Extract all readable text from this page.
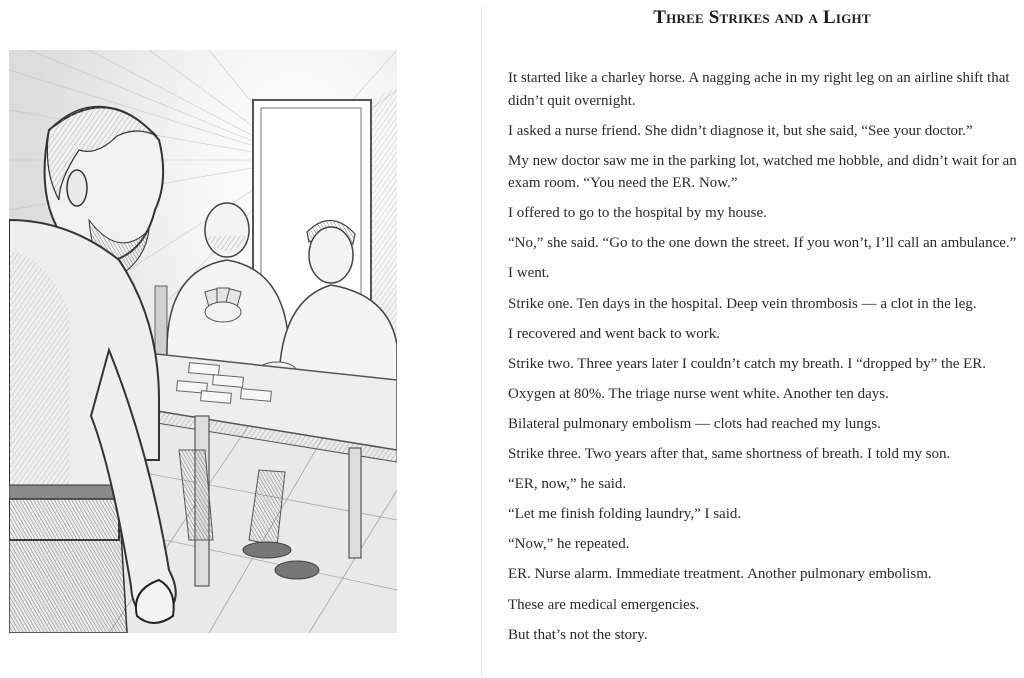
Three Strikes and a Light

It started like a charley horse. A nagging ache in my right leg on an airline shift that didn’t quit overnight.

I asked a nurse friend. She didn’t diagnose it, but she said, “See your doctor.”

My new doctor saw me in the parking lot, watched me hobble, and didn’t wait for an exam room. “You need the ER. Now.”

I offered to go to the hospital by my house.

“No,” she said. “Go to the one down the street. If you won’t, I’ll call an ambulance.”

I went.

Strike one. Ten days in the hospital. Deep vein thrombosis — a clot in the leg.

I recovered and went back to work.

Strike two. Three years later I couldn’t catch my breath. I “dropped by” the ER.

Oxygen at 80%. The triage nurse went white. Another ten days.

Bilateral pulmonary embolism — clots had reached my lungs.

Strike three. Two years after that, same shortness of breath. I told my son.

“ER, now,” he said.

“Let me finish folding laundry,” I said.

“Now,” he repeated.

ER. Nurse alarm. Immediate treatment. Another pulmonary embolism.

These are medical emergencies.

But that’s not the story.
